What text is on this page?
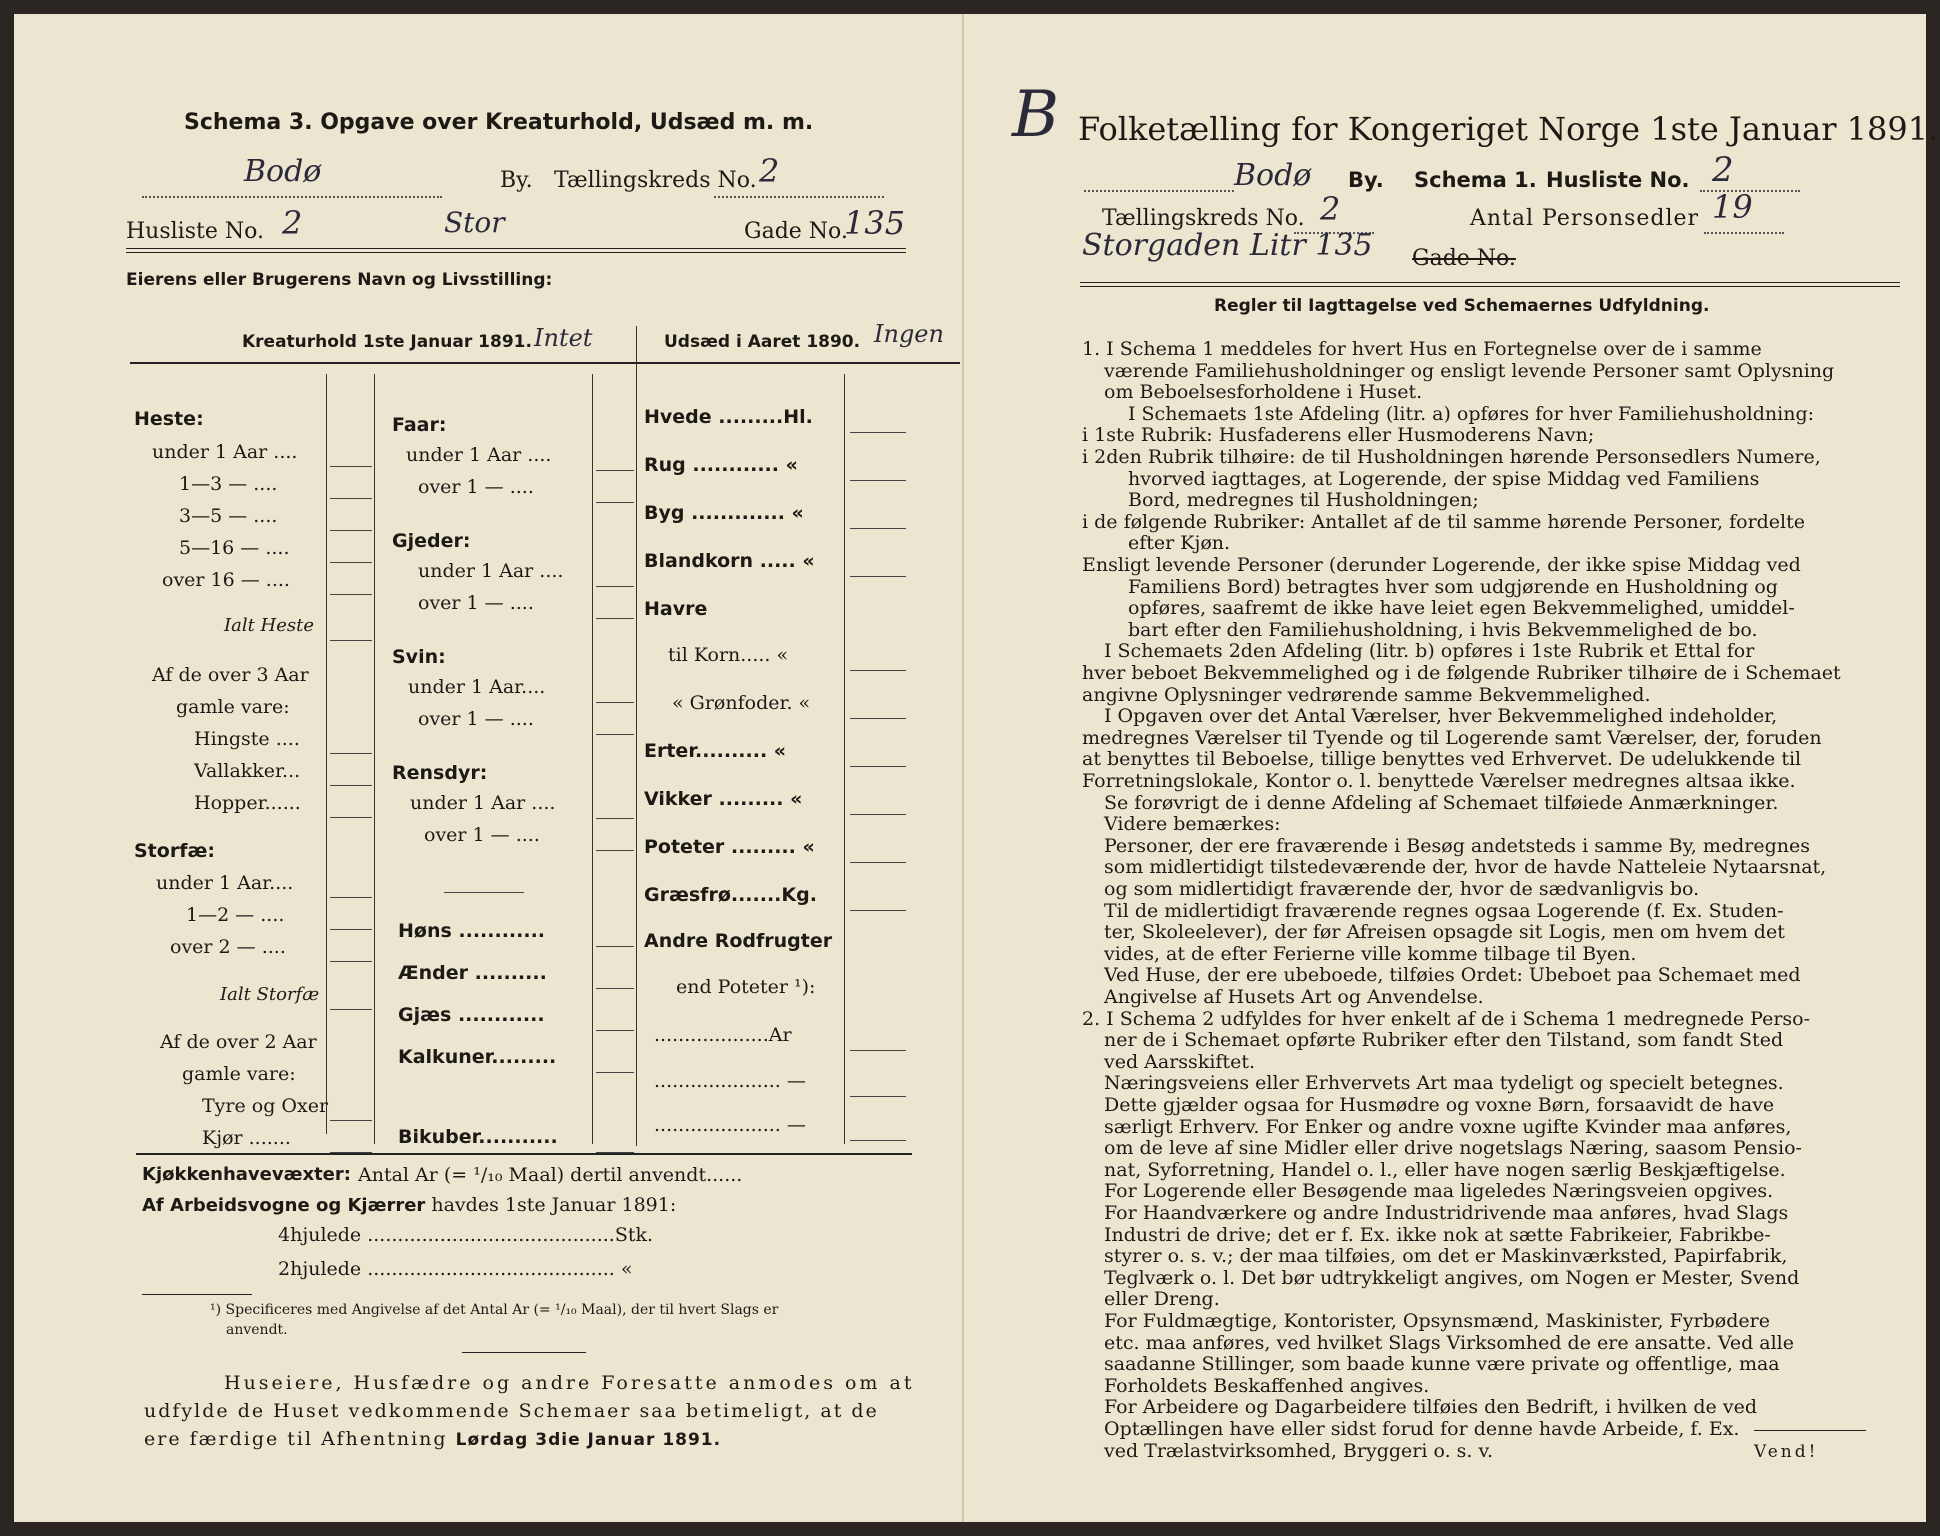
Schema 3. Opgave over Kreaturhold, Udsæd m. m.
Bodø	By. Tællingskreds No. 2
Husliste No. 2	Stor	Gade No.
135
Eierens eller Brugerens Navn og Livsstilling:
Kreaturhold 1ste Januar 1891. Intet	Udsæd i Aaret 1890. Ingen
Heste:
under 1 Aar ....
1—3 — ....
3—5 — ....
5—16 — ....
over 16 — ....
Ialt Heste
Af de over 3 Aar
gamle vare:
Hingste ....
Vallakker...
Hopper......
Storfæ:
under 1 Aar....
1—2 — ....
over 2 — ....
Ialt Storfæ
Af de over 2 Aar
gamle vare:
Tyre og Oxer
Kjør .......
Faar:
under 1 Aar ....
over 1 — ....
Gjeder:
under 1 Aar ....
over 1 — ....
Svin:
under 1 Aar....
over 1 — ....
Rensdyr:
under 1 Aar ....
over 1 — ....
Høns ............
Ænder ..........
Gjæs ............
Kalkuner.........
Bikuber...........
Hvede .........Hl.
Rug ............ «
Byg ............. «
Blandkorn ..... «
Havre
til Korn..... «
« Grønfoder. «
Erter.......... «
Vikker ......... «
Poteter ......... «
Græsfrø.......Kg.
Andre Rodfrugter
end Poteter ¹):
...................Ar
..................... —
..................... —
Kjøkkenhavevæxter: Antal Ar (= ¹/₁₀ Maal) dertil anvendt......
Af Arbeidsvogne og Kjærrer havdes 1ste Januar 1891:
4hjulede .........................................Stk.
2hjulede ......................................... «
¹) Specificeres med Angivelse af det Antal Ar (= ¹/₁₀ Maal), der til hvert Slags er
anvendt.
Huseiere, Husfædre og andre Foresatte anmodes om at
udfylde de Huset vedkommende Schemaer saa betimeligt, at de
ere færdige til Afhentning Lørdag 3die Januar 1891.
B Folketælling for Kongeriget Norge 1ste Januar 1891.
Bodø By. Schema 1. Husliste No. 2
Tællingskreds No. 2	Antal Personsedler 19
Storgaden Litr 135 Gade No.
Regler til Iagttagelse ved Schemaernes Udfyldning.
1. I Schema 1 meddeles for hvert Hus en Fortegnelse over de i samme
værende Familiehusholdninger og ensligt levende Personer samt Oplysning
om Beboelsesforholdene i Huset.
I Schemaets 1ste Afdeling (litr. a) opføres for hver Familiehusholdning:
i 1ste Rubrik: Husfaderens eller Husmoderens Navn;
i 2den Rubrik tilhøire: de til Husholdningen hørende Personsedlers Numere,
hvorved iagttages, at Logerende, der spise Middag ved Familiens
Bord, medregnes til Husholdningen;
i de følgende Rubriker: Antallet af de til samme hørende Personer, fordelte
efter Kjøn.
Ensligt levende Personer (derunder Logerende, der ikke spise Middag ved
Familiens Bord) betragtes hver som udgjørende en Husholdning og
opføres, saafremt de ikke have leiet egen Bekvemmelighed, umiddel-
bart efter den Familiehusholdning, i hvis Bekvemmelighed de bo.
I Schemaets 2den Afdeling (litr. b) opføres i 1ste Rubrik et Ettal for
hver beboet Bekvemmelighed og i de følgende Rubriker tilhøire de i Schemaet
angivne Oplysninger vedrørende samme Bekvemmelighed.
I Opgaven over det Antal Værelser, hver Bekvemmelighed indeholder,
medregnes Værelser til Tyende og til Logerende samt Værelser, der, foruden
at benyttes til Beboelse, tillige benyttes ved Erhvervet. De udelukkende til
Forretningslokale, Kontor o. l. benyttede Værelser medregnes altsaa ikke.
Se forøvrigt de i denne Afdeling af Schemaet tilføiede Anmærkninger.
Videre bemærkes:
Personer, der ere fraværende i Besøg andetsteds i samme By, medregnes
som midlertidigt tilstedeværende der, hvor de havde Natteleie Nytaarsnat,
og som midlertidigt fraværende der, hvor de sædvanligvis bo.
Til de midlertidigt fraværende regnes ogsaa Logerende (f. Ex. Studen-
ter, Skoleelever), der før Afreisen opsagde sit Logis, men om hvem det
vides, at de efter Ferierne ville komme tilbage til Byen.
Ved Huse, der ere ubeboede, tilføies Ordet: Ubeboet paa Schemaet med
Angivelse af Husets Art og Anvendelse.
2. I Schema 2 udfyldes for hver enkelt af de i Schema 1 medregnede Perso-
ner de i Schemaet opførte Rubriker efter den Tilstand, som fandt Sted
ved Aarsskiftet.
Næringsveiens eller Erhvervets Art maa tydeligt og specielt betegnes.
Dette gjælder ogsaa for Husmødre og voxne Børn, forsaavidt de have
særligt Erhverv. For Enker og andre voxne ugifte Kvinder maa anføres,
om de leve af sine Midler eller drive nogetslags Næring, saasom Pensio-
nat, Syforretning, Handel o. l., eller have nogen særlig Beskjæftigelse.
For Logerende eller Besøgende maa ligeledes Næringsveien opgives.
For Haandværkere og andre Industridrivende maa anføres, hvad Slags
Industri de drive; det er f. Ex. ikke nok at sætte Fabrikeier, Fabrikbe-
styrer o. s. v.; der maa tilføies, om det er Maskinværksted, Papirfabrik,
Teglværk o. l. Det bør udtrykkeligt angives, om Nogen er Mester, Svend
eller Dreng.
For Fuldmægtige, Kontorister, Opsynsmænd, Maskinister, Fyrbødere
etc. maa anføres, ved hvilket Slags Virksomhed de ere ansatte. Ved alle
saadanne Stillinger, som baade kunne være private og offentlige, maa
Forholdets Beskaffenhed angives.
For Arbeidere og Dagarbeidere tilføies den Bedrift, i hvilken de ved
Optællingen have eller sidst forud for denne havde Arbeide, f. Ex.
ved Trælastvirksomhed, Bryggeri o. s. v.	Vend!
